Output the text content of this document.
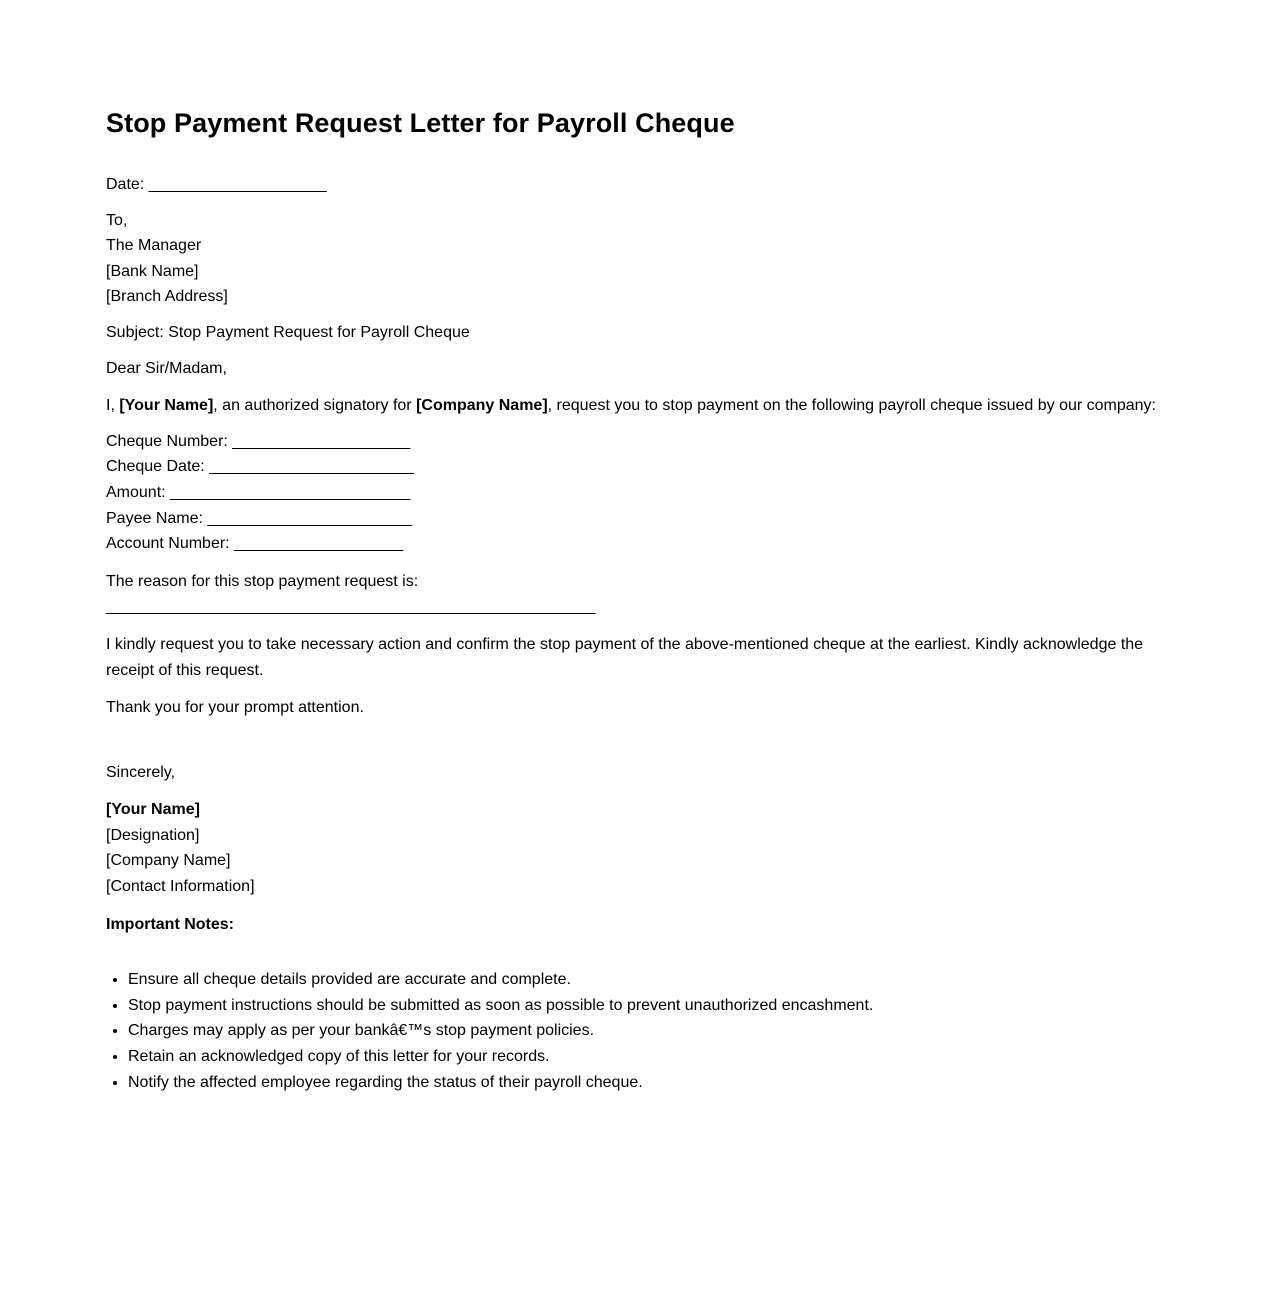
Stop Payment Request Letter for Payroll Cheque

Date: ____________________

To,
The Manager
[Bank Name]
[Branch Address]

Subject: Stop Payment Request for Payroll Cheque

Dear Sir/Madam,

I, [Your Name], an authorized signatory for [Company Name], request you to stop payment on the following payroll cheque issued by our company:

Cheque Number: ____________________
Cheque Date: _______________________
Amount: ___________________________
Payee Name: _______________________
Account Number: ___________________

The reason for this stop payment request is:

_______________________________________________________

I kindly request you to take necessary action and confirm the stop payment of the above-mentioned cheque at the earliest. Kindly acknowledge the receipt of this request.

Thank you for your prompt attention.

Sincerely,

[Your Name]
[Designation]
[Company Name]
[Contact Information]

Important Notes:

• Ensure all cheque details provided are accurate and complete.
• Stop payment instructions should be submitted as soon as possible to prevent unauthorized encashment.
• Charges may apply as per your bankâ€™s stop payment policies.
• Retain an acknowledged copy of this letter for your records.
• Notify the affected employee regarding the status of their payroll cheque.
